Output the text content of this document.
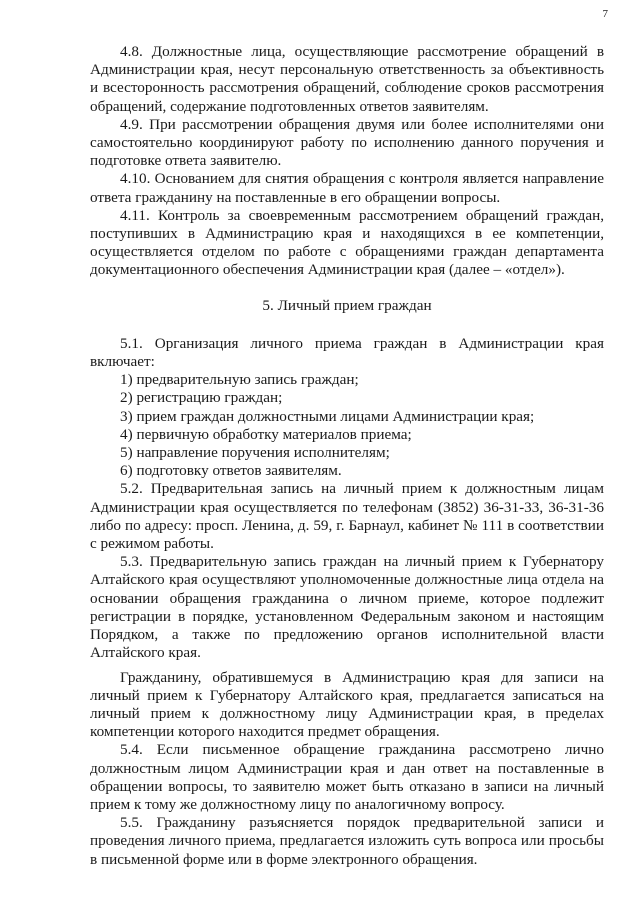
7

4.8. Должностные лица, осуществляющие рассмотрение обращений в Администрации края, несут персональную ответственность за объективность и всесторонность рассмотрения обращений, соблюдение сроков рассмотрения обращений, содержание подготовленных ответов заявителям.

4.9. При рассмотрении обращения двумя или более исполнителями они самостоятельно координируют работу по исполнению данного поручения и подготовке ответа заявителю.

4.10. Основанием для снятия обращения с контроля является направление ответа гражданину на поставленные в его обращении вопросы.

4.11. Контроль за своевременным рассмотрением обращений граждан, поступивших в Администрацию края и находящихся в ее компетенции, осуществляется отделом по работе с обращениями граждан департамента документационного обеспечения Администрации края (далее – «отдел»).

5. Личный прием граждан

5.1. Организация личного приема граждан в Администрации края включает:

1) предварительную запись граждан;

2) регистрацию граждан;

3) прием граждан должностными лицами Администрации края;

4) первичную обработку материалов приема;

5) направление поручения исполнителям;

6) подготовку ответов заявителям.

5.2. Предварительная запись на личный прием к должностным лицам Администрации края осуществляется по телефонам (3852) 36-31-33, 36-31-36 либо по адресу: просп. Ленина, д. 59, г. Барнаул, кабинет № 111 в соответствии с режимом работы.

5.3. Предварительную запись граждан на личный прием к Губернатору Алтайского края осуществляют уполномоченные должностные лица отдела на основании обращения гражданина о личном приеме, которое подлежит регистрации в порядке, установленном Федеральным законом и настоящим Порядком, а также по предложению органов исполнительной власти Алтайского края.

Гражданину, обратившемуся в Администрацию края для записи на личный прием к Губернатору Алтайского края, предлагается записаться на личный прием к должностному лицу Администрации края, в пределах компетенции которого находится предмет обращения.

5.4. Если письменное обращение гражданина рассмотрено лично должностным лицом Администрации края и дан ответ на поставленные в обращении вопросы, то заявителю может быть отказано в записи на личный прием к тому же должностному лицу по аналогичному вопросу.

5.5. Гражданину разъясняется порядок предварительной записи и проведения личного приема, предлагается изложить суть вопроса или просьбы в письменной форме или в форме электронного обращения.
